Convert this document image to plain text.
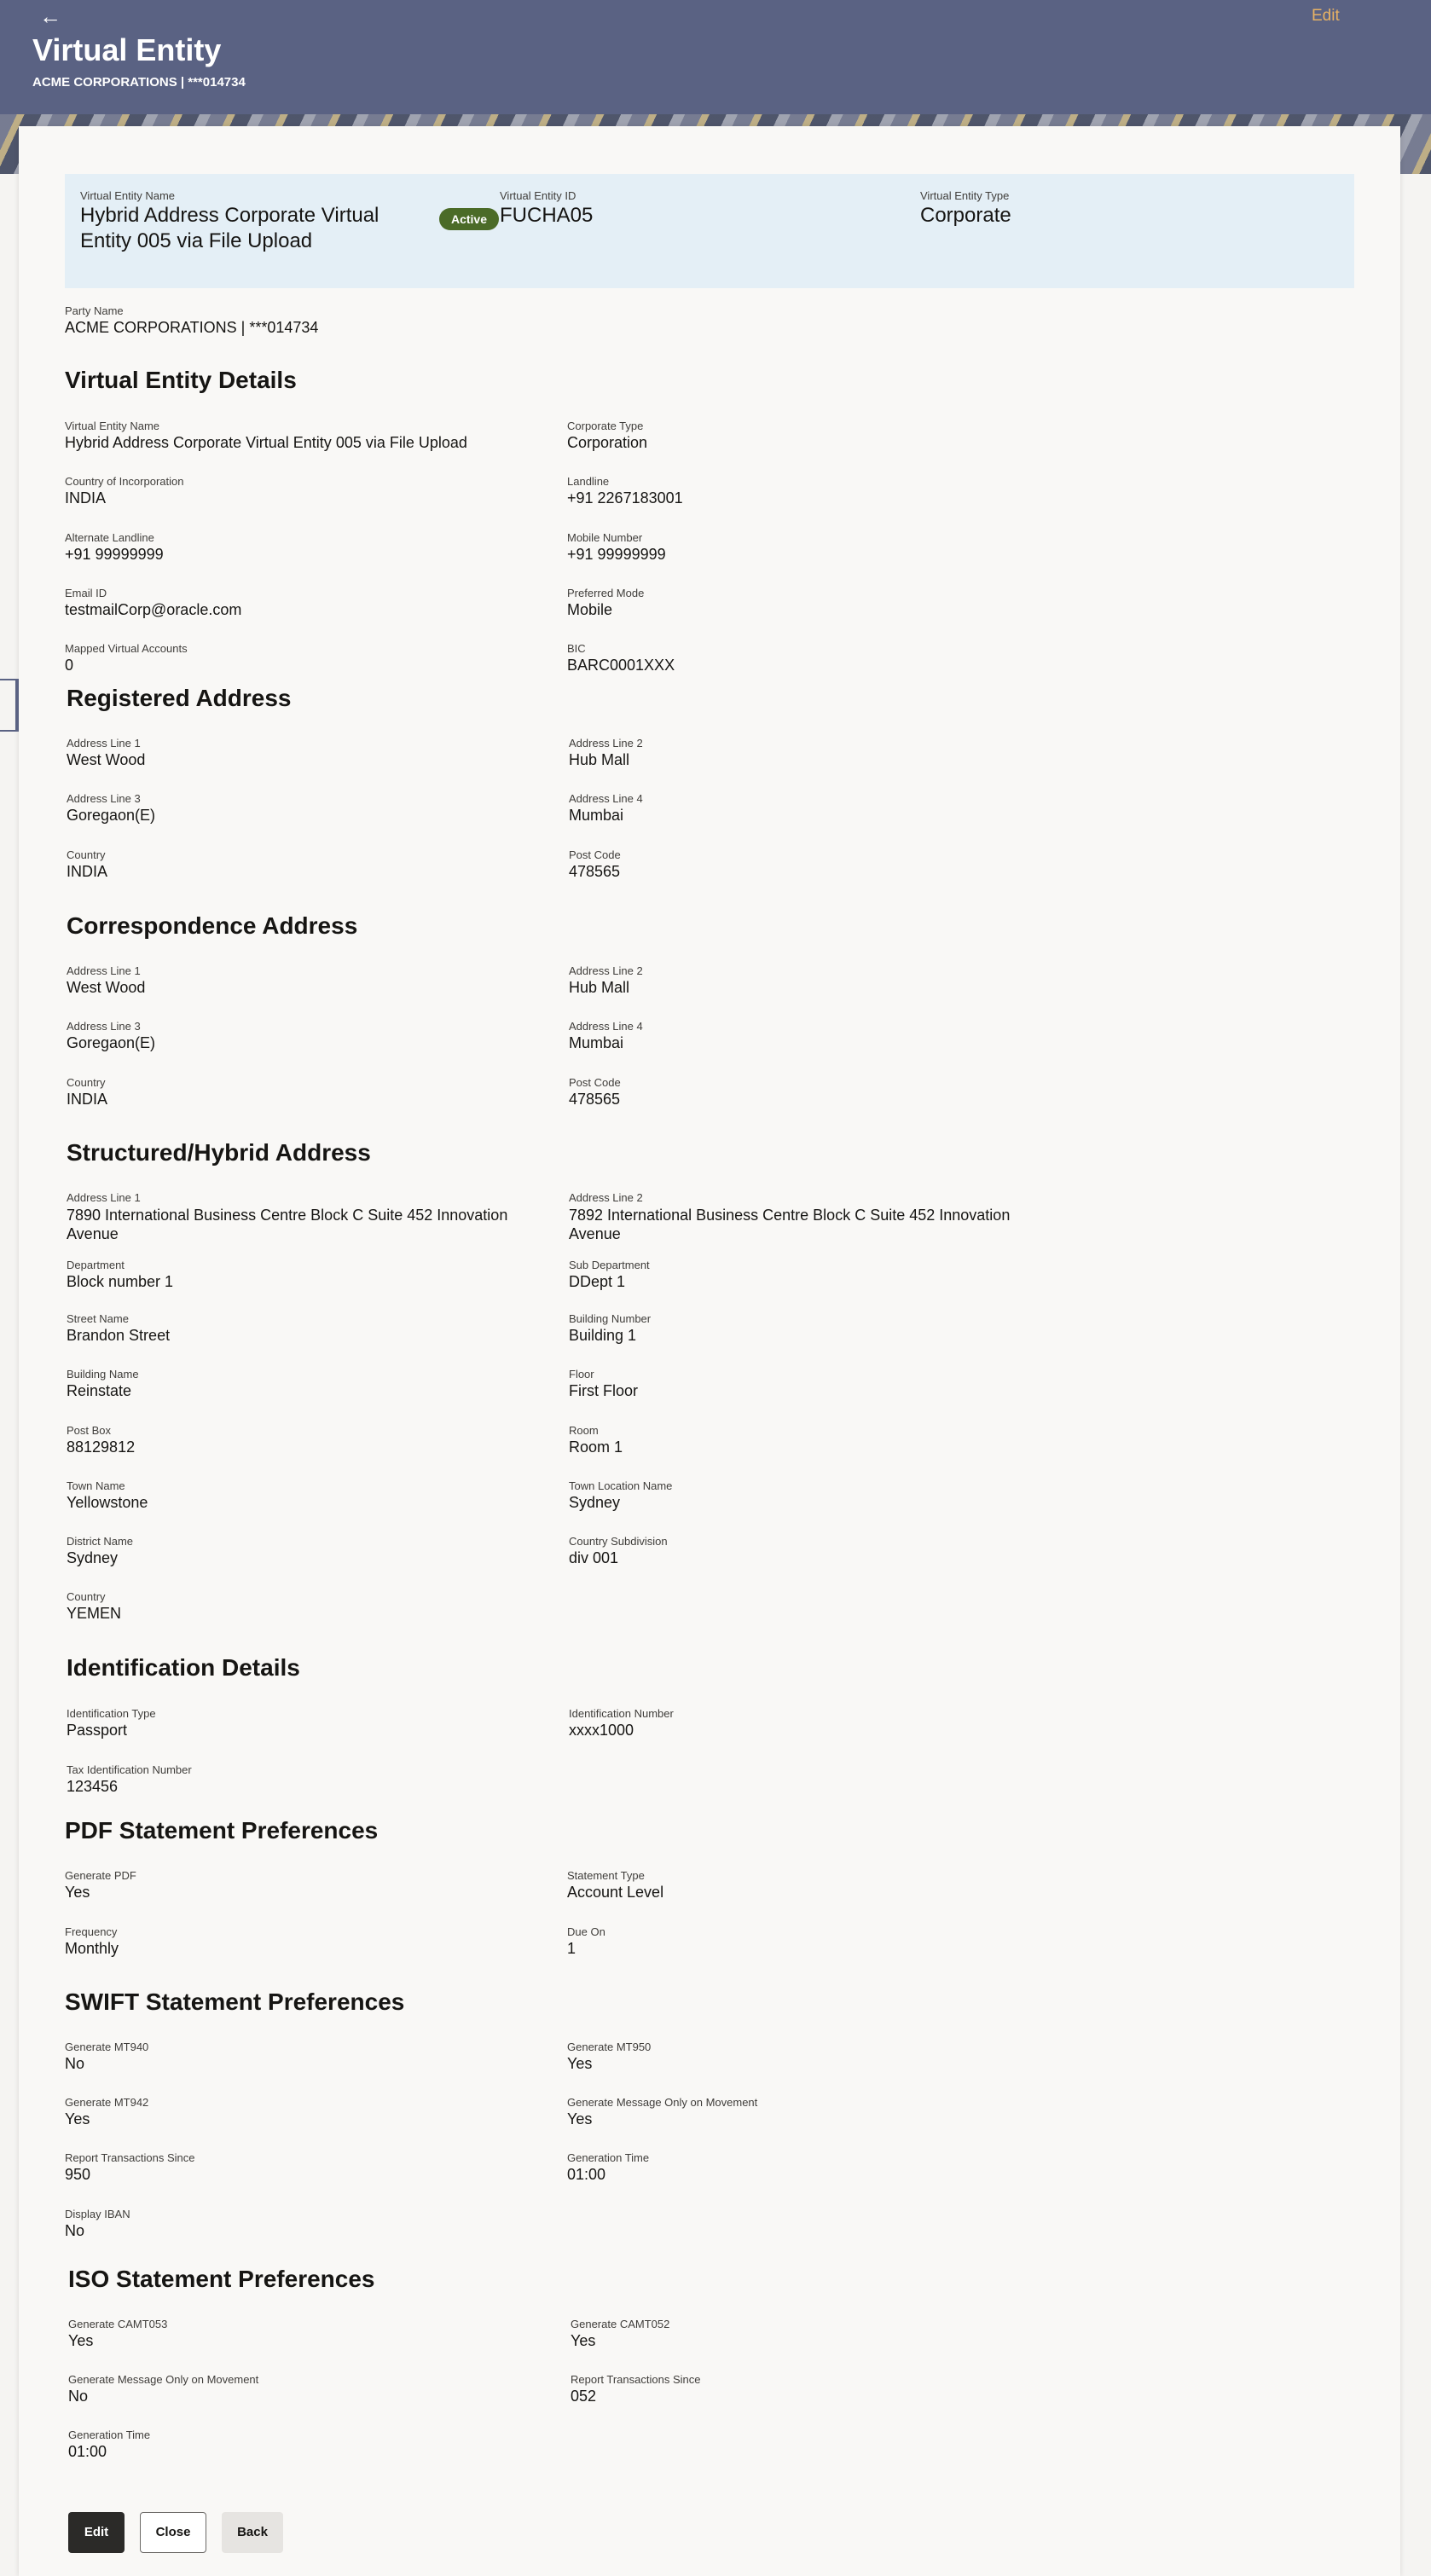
←	Edit
Virtual Entity
ACME CORPORATIONS | ***014734
Virtual Entity Name
Hybrid Address Corporate Virtual Entity 005 via File Upload
Active
Virtual Entity ID
FUCHA05
Virtual Entity Type
Corporate
Party Name
ACME CORPORATIONS | ***014734
Virtual Entity Details
Virtual Entity Name
Hybrid Address Corporate Virtual Entity 005 via File Upload
Corporate Type
Corporation
Country of Incorporation
INDIA
Landline
+91 2267183001
Alternate Landline
+91 99999999
Mobile Number
+91 99999999
Email ID
testmailCorp@oracle.com
Preferred Mode
Mobile
Mapped Virtual Accounts
0
BIC
BARC0001XXX
Registered Address
Address Line 1
West Wood
Address Line 2
Hub Mall
Address Line 3
Goregaon(E)
Address Line 4
Mumbai
Country
INDIA
Post Code
478565
Correspondence Address
Address Line 1
West Wood
Address Line 2
Hub Mall
Address Line 3
Goregaon(E)
Address Line 4
Mumbai
Country
INDIA
Post Code
478565
Structured/Hybrid Address
Address Line 1
7890 International Business Centre Block C Suite 452 Innovation Avenue
Address Line 2
7892 International Business Centre Block C Suite 452 Innovation Avenue
Department
Block number 1
Sub Department
DDept 1
Street Name
Brandon Street
Building Number
Building 1
Building Name
Reinstate
Floor
First Floor
Post Box
88129812
Room
Room 1
Town Name
Yellowstone
Town Location Name
Sydney
District Name
Sydney
Country Subdivision
div 001
Country
YEMEN
Identification Details
Identification Type
Passport
Identification Number
xxxx1000
Tax Identification Number
123456
PDF Statement Preferences
Generate PDF
Yes
Statement Type
Account Level
Frequency
Monthly
Due On
1
SWIFT Statement Preferences
Generate MT940
No
Generate MT950
Yes
Generate MT942
Yes
Generate Message Only on Movement
Yes
Report Transactions Since
950
Generation Time
01:00
Display IBAN
No
ISO Statement Preferences
Generate CAMT053
Yes
Generate CAMT052
Yes
Generate Message Only on Movement
No
Report Transactions Since
052
Generation Time
01:00
Edit	Close	Back
